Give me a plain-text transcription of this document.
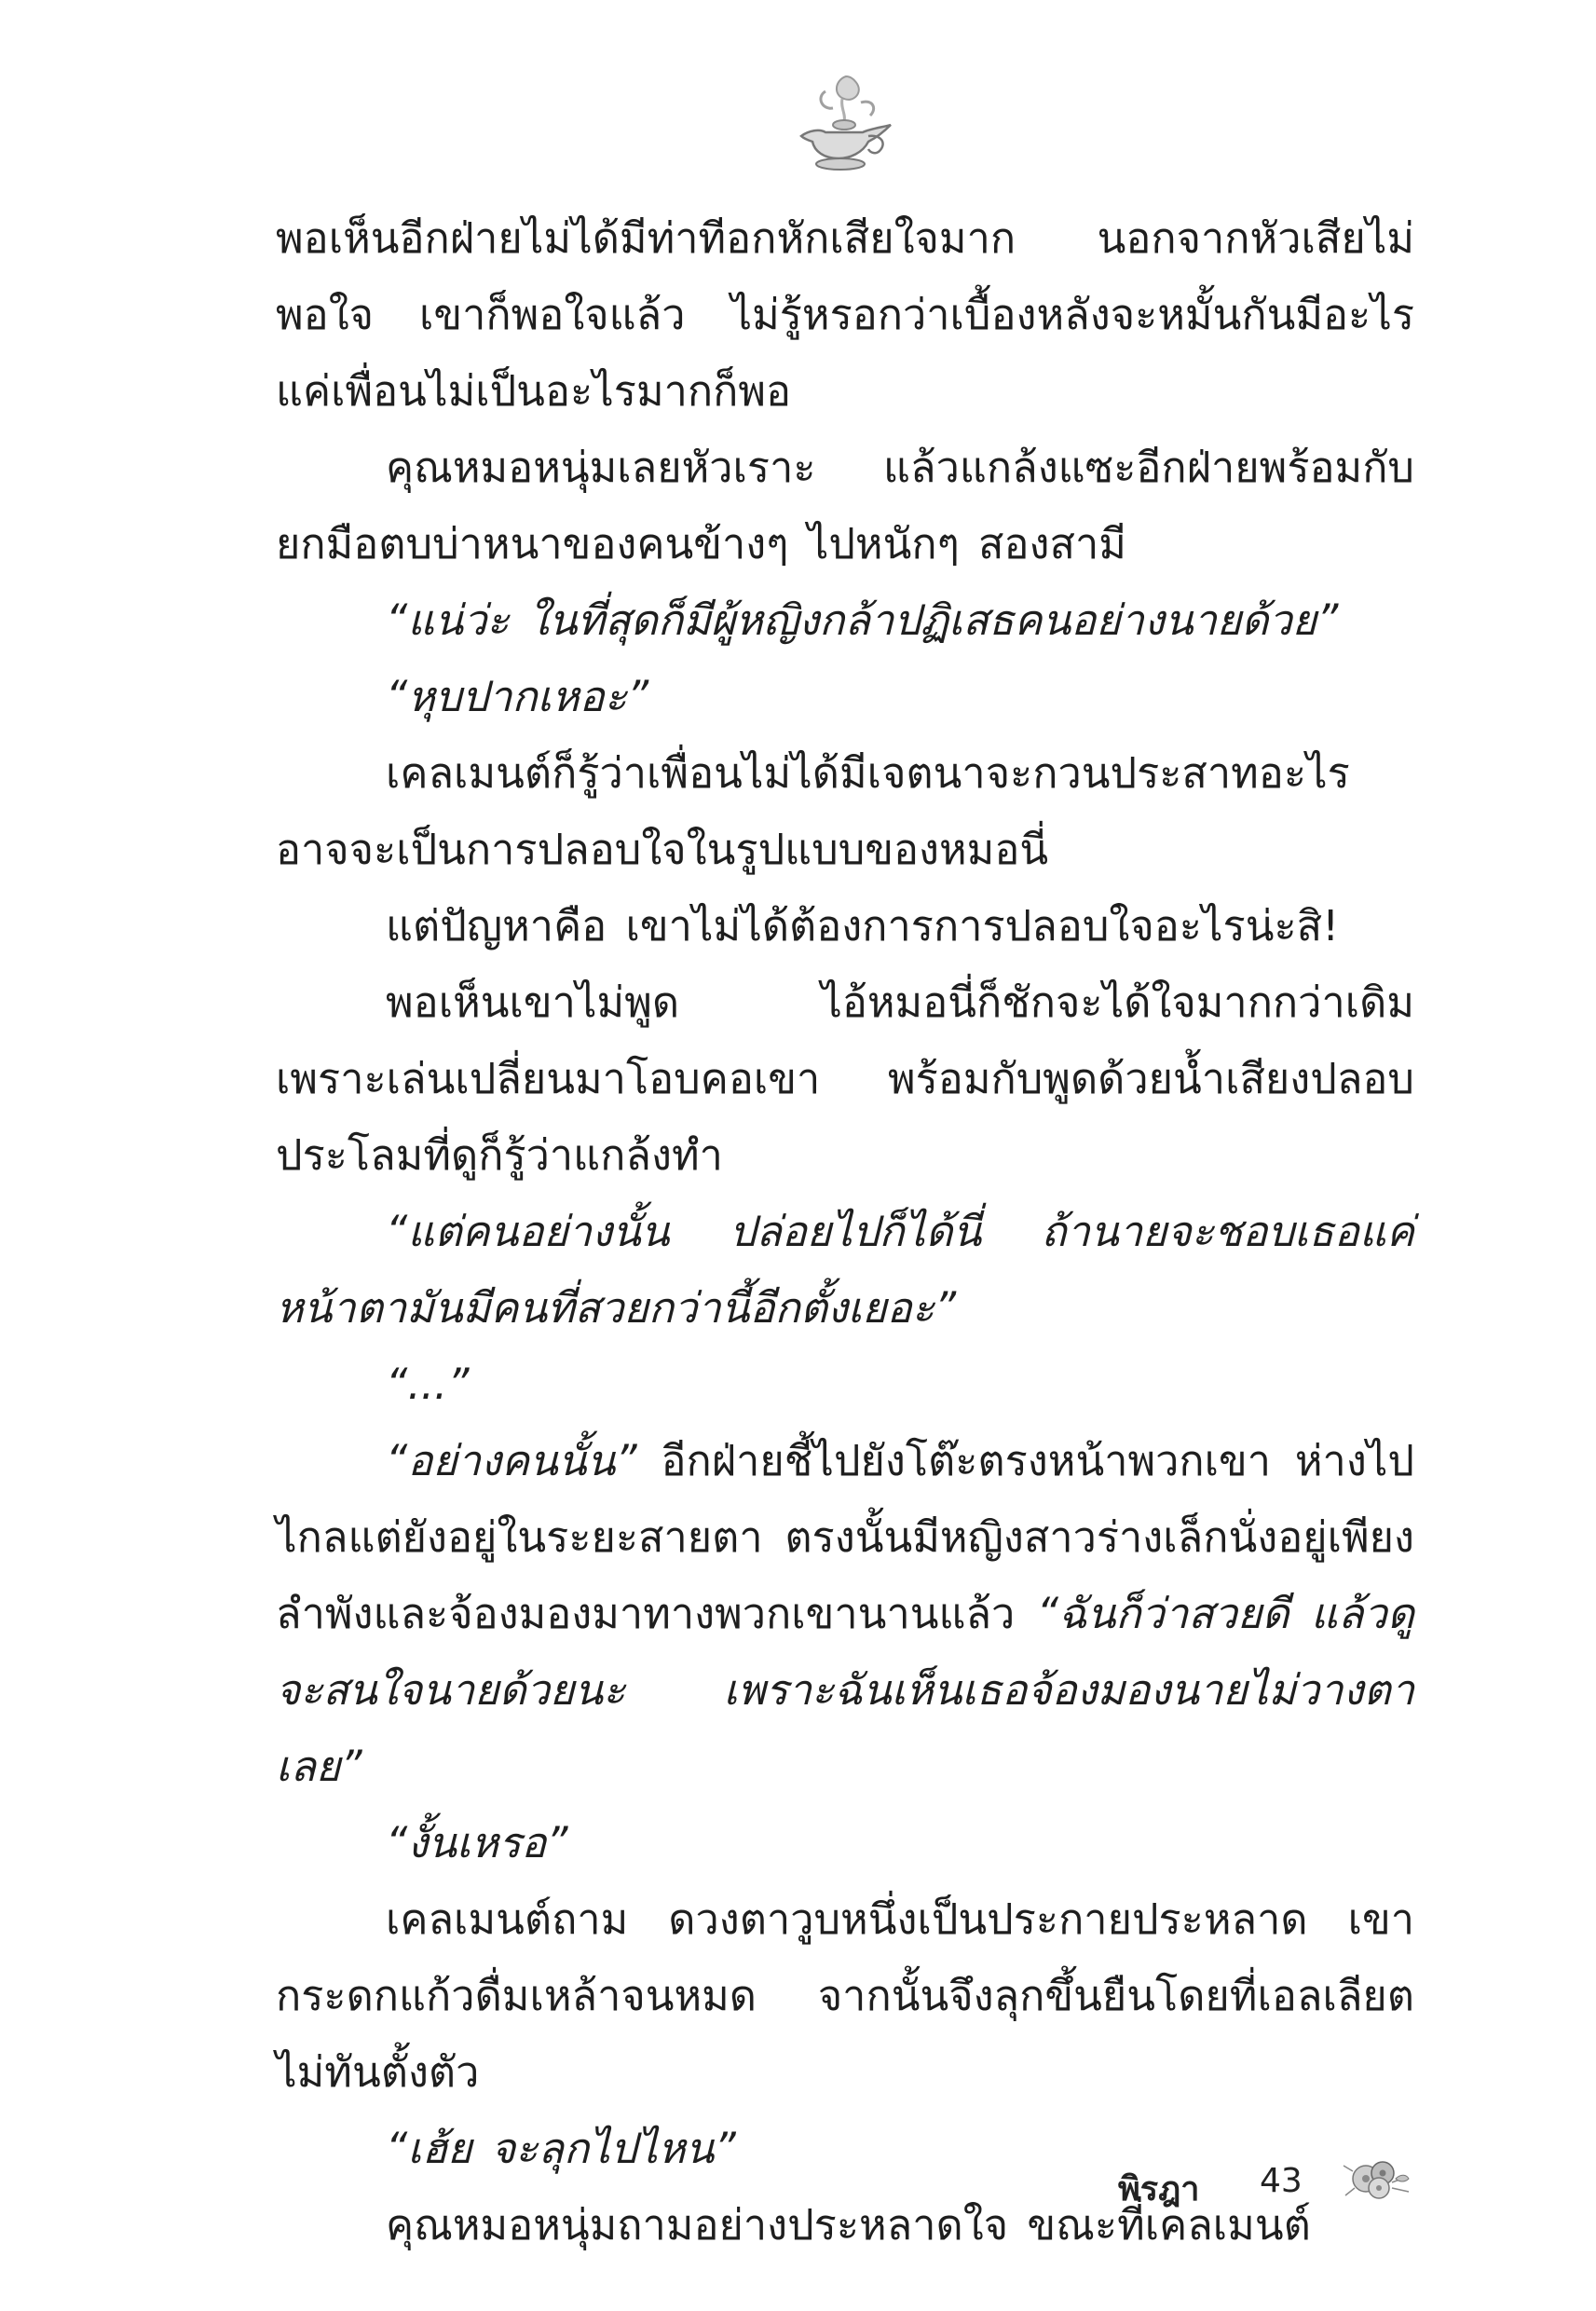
พอเห็นอีกฝ่ายไม่ได้มีท่าทีอกหักเสียใจมาก นอกจากหัวเสียไม่พอใจ เขาก็พอใจแล้ว ไม่รู้หรอกว่าเบื้องหลังจะหมั้นกันมีอะไร แค่เพื่อนไม่เป็นอะไรมากก็พอ

คุณหมอหนุ่มเลยหัวเราะ แล้วแกล้งแซะอีกฝ่ายพร้อมกับยกมือตบบ่าหนาของคนข้างๆ ไปหนักๆ สองสามี

“แน่ว่ะ ในที่สุดก็มีผู้หญิงกล้าปฏิเสธคนอย่างนายด้วย”

“หุบปากเหอะ”

เคลเมนต์ก็รู้ว่าเพื่อนไม่ได้มีเจตนาจะกวนประสาทอะไร อาจจะเป็นการปลอบใจในรูปแบบของหมอนี่

แต่ปัญหาคือ เขาไม่ได้ต้องการการปลอบใจอะไรน่ะสิ!

พอเห็นเขาไม่พูด ไอ้หมอนี่ก็ชักจะได้ใจมากกว่าเดิม เพราะเล่นเปลี่ยนมาโอบคอเขา พร้อมกับพูดด้วยน้ำเสียงปลอบประโลมที่ดูก็รู้ว่าแกล้งทำ

“แต่คนอย่างนั้น ปล่อยไปก็ได้นี่ ถ้านายจะชอบเธอแค่หน้าตามันมีคนที่สวยกว่านี้อีกตั้งเยอะ”

“...”

“อย่างคนนั้น” อีกฝ่ายชี้ไปยังโต๊ะตรงหน้าพวกเขา ห่างไปไกลแต่ยังอยู่ในระยะสายตา ตรงนั้นมีหญิงสาวร่างเล็กนั่งอยู่เพียงลำพังและจ้องมองมาทางพวกเขานานแล้ว “ฉันก็ว่าสวยดี แล้วดูจะสนใจนายด้วยนะ เพราะฉันเห็นเธอจ้องมองนายไม่วางตาเลย”

“งั้นเหรอ”

เคลเมนต์ถาม ดวงตาวูบหนึ่งเป็นประกายประหลาด เขากระดกแก้วดื่มเหล้าจนหมด จากนั้นจึงลุกขึ้นยืนโดยที่เอลเลียตไม่ทันตั้งตัว

“เฮ้ย จะลุกไปไหน”

คุณหมอหนุ่มถามอย่างประหลาดใจ ขณะที่เคลเมนต์

พิรฎา 43
